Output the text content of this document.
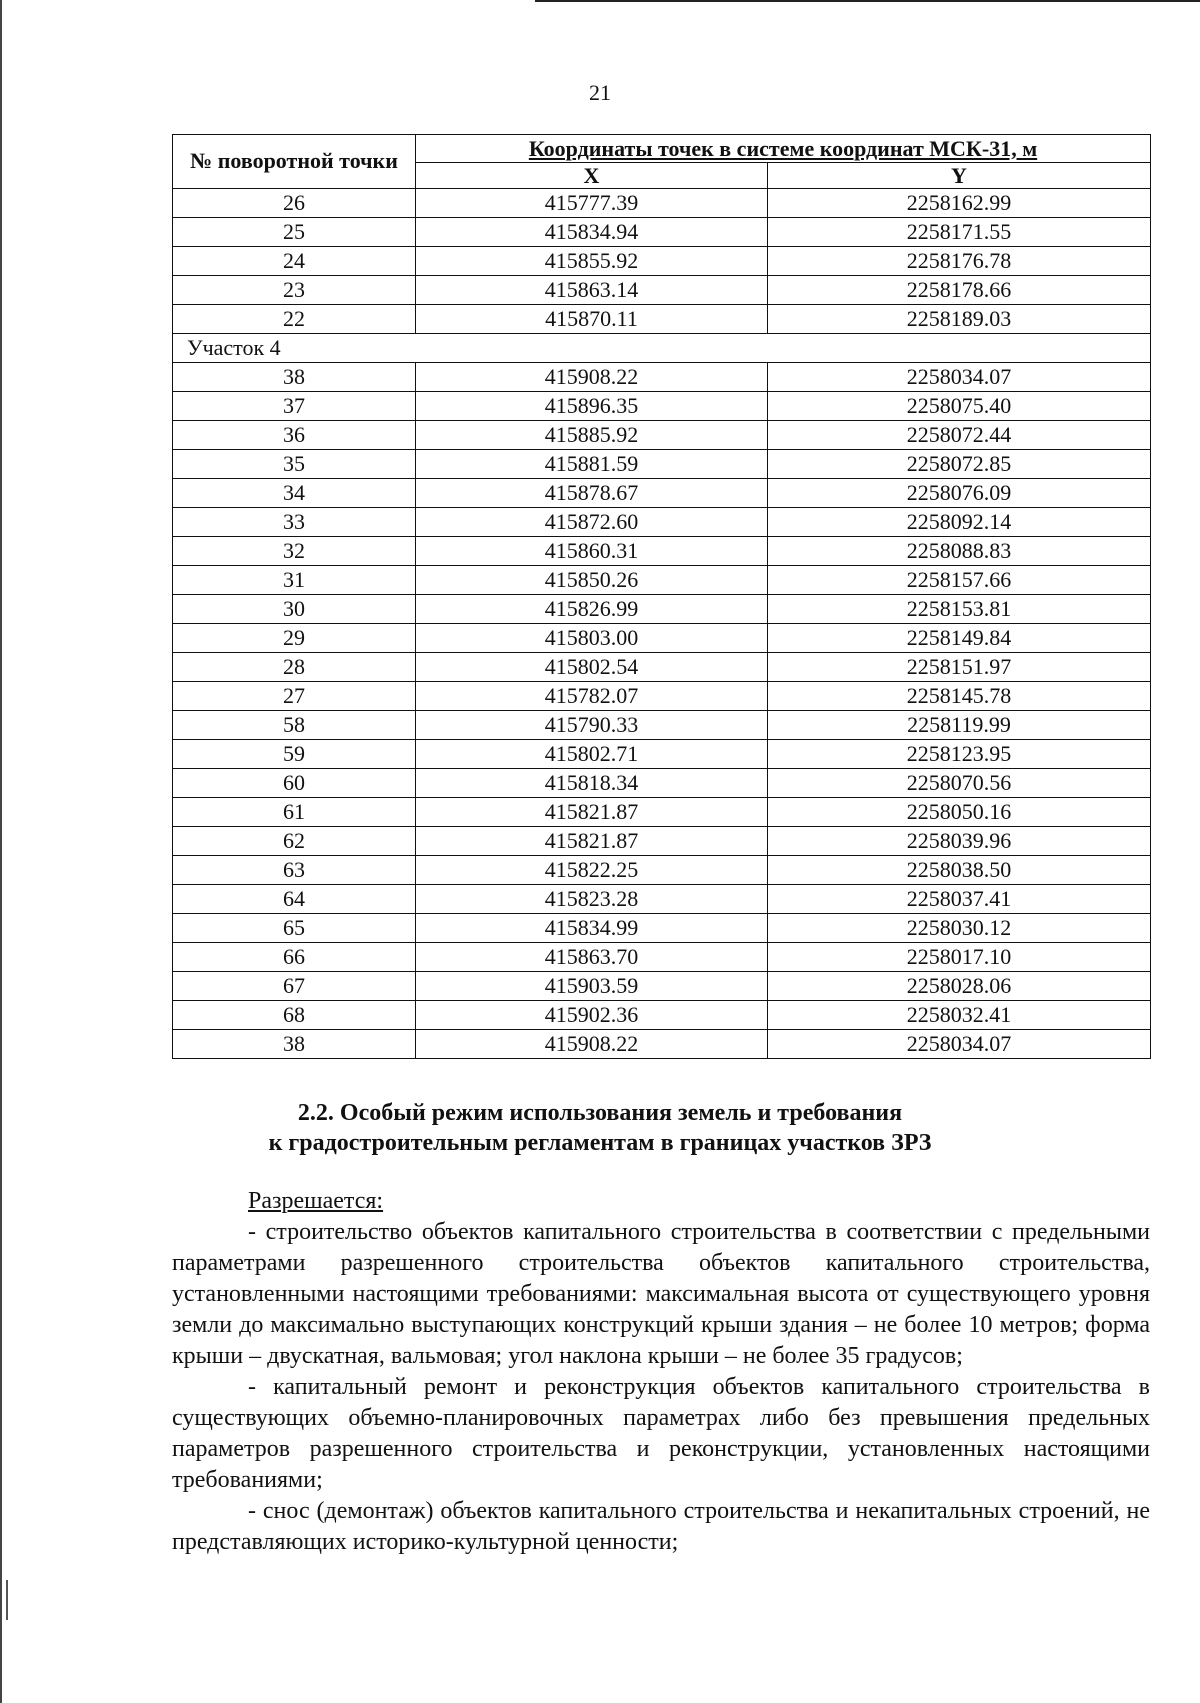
21
№ поворотной точки	Координаты точек в системе координат МСК-31, м	
	X	Y
26	415777.39	2258162.99
25	415834.94	2258171.55
24	415855.92	2258176.78
23	415863.14	2258178.66
22	415870.11	2258189.03
Участок 4		
38	415908.22	2258034.07
37	415896.35	2258075.40
36	415885.92	2258072.44
35	415881.59	2258072.85
34	415878.67	2258076.09
33	415872.60	2258092.14
32	415860.31	2258088.83
31	415850.26	2258157.66
30	415826.99	2258153.81
29	415803.00	2258149.84
28	415802.54	2258151.97
27	415782.07	2258145.78
58	415790.33	2258119.99
59	415802.71	2258123.95
60	415818.34	2258070.56
61	415821.87	2258050.16
62	415821.87	2258039.96
63	415822.25	2258038.50
64	415823.28	2258037.41
65	415834.99	2258030.12
66	415863.70	2258017.10
67	415903.59	2258028.06
68	415902.36	2258032.41
38	415908.22	2258034.07
2.2. Особый режим использования земель и требования
к градостроительным регламентам в границах участков ЗРЗ

Разрешается:

- строительство объектов капитального строительства в соответствии с предельными параметрами разрешенного строительства объектов капитального строительства, установленными настоящими требованиями: максимальная высота от существующего уровня земли до максимально выступающих конструкций крыши здания – не более 10 метров; форма крыши – двускатная, вальмовая; угол наклона крыши – не более 35 градусов;

- капитальный ремонт и реконструкция объектов капитального строительства в существующих объемно-планировочных параметрах либо без превышения предельных параметров разрешенного строительства и реконструкции, установленных настоящими требованиями;

- снос (демонтаж) объектов капитального строительства и некапитальных строений, не представляющих историко-культурной ценности;
